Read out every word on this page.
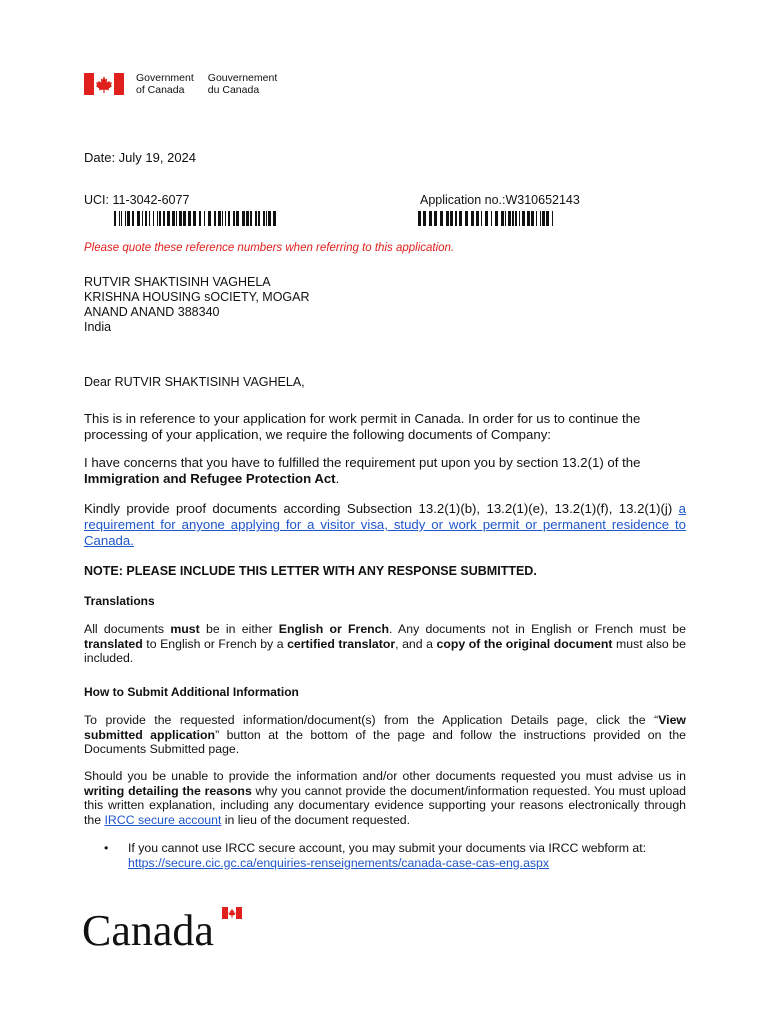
Government
of Canada
Gouvernement
du Canada
Date: July 19, 2024
UCI: 11-3042-6077	Application no.:W310652143
Please quote these reference numbers when referring to this application.
RUTVIR SHAKTISINH VAGHELA
KRISHNA HOUSING sOCIETY, MOGAR
ANAND ANAND 388340
India
Dear RUTVIR SHAKTISINH VAGHELA,
This is in reference to your application for work permit in Canada. In order for us to continue the processing of your application, we require the following documents of Company:
I have concerns that you have to fulfilled the requirement put upon you by section 13.2(1) of the Immigration and Refugee Protection Act.
Kindly provide proof documents according Subsection 13.2(1)(b), 13.2(1)(e), 13.2(1)(f), 13.2(1)(j) a requirement for anyone applying for a visitor visa, study or work permit or permanent residence to Canada.
NOTE: PLEASE INCLUDE THIS LETTER WITH ANY RESPONSE SUBMITTED.
Translations
All documents must be in either English or French. Any documents not in English or French must be translated to English or French by a certified translator, and a copy of the original document must also be included.
How to Submit Additional Information
To provide the requested information/document(s) from the Application Details page, click the “View submitted application” button at the bottom of the page and follow the instructions provided on the Documents Submitted page.
Should you be unable to provide the information and/or other documents requested you must advise us in writing detailing the reasons why you cannot provide the document/information requested. You must upload this written explanation, including any documentary evidence supporting your reasons electronically through the IRCC secure account in lieu of the document requested.
• If you cannot use IRCC secure account, you may submit your documents via IRCC webform at:
https://secure.cic.gc.ca/enquiries-renseignements/canada-case-cas-eng.aspx
Canada
